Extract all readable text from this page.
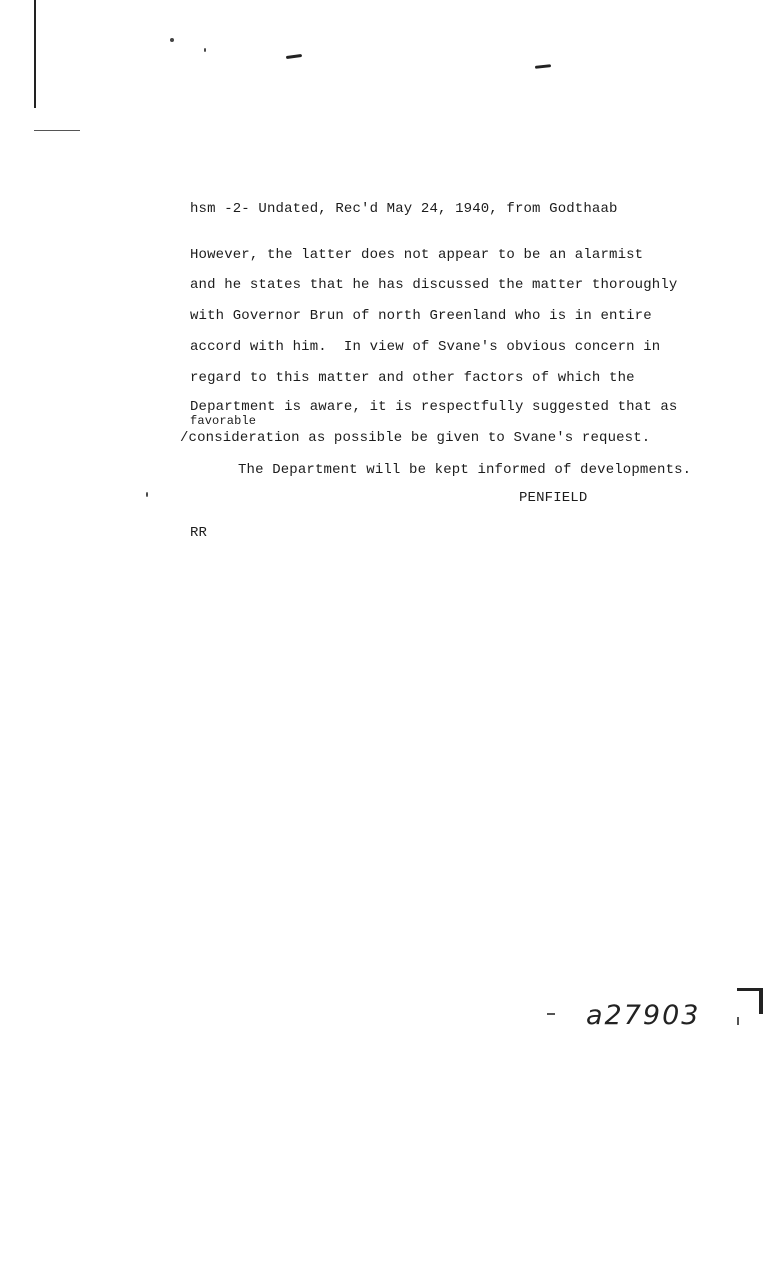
hsm -2- Undated, Rec'd May 24, 1940, from Godthaab
However, the latter does not appear to be an alarmist
and he states that he has discussed the matter thoroughly
with Governor Brun of north Greenland who is in entire
accord with him.  In view of Svane's obvious concern in
regard to this matter and other factors of which the
Department is aware, it is respectfully suggested that as
favorable
/consideration as possible be given to Svane's request.
The Department will be kept informed of developments.
PENFIELD
RR
a27903
